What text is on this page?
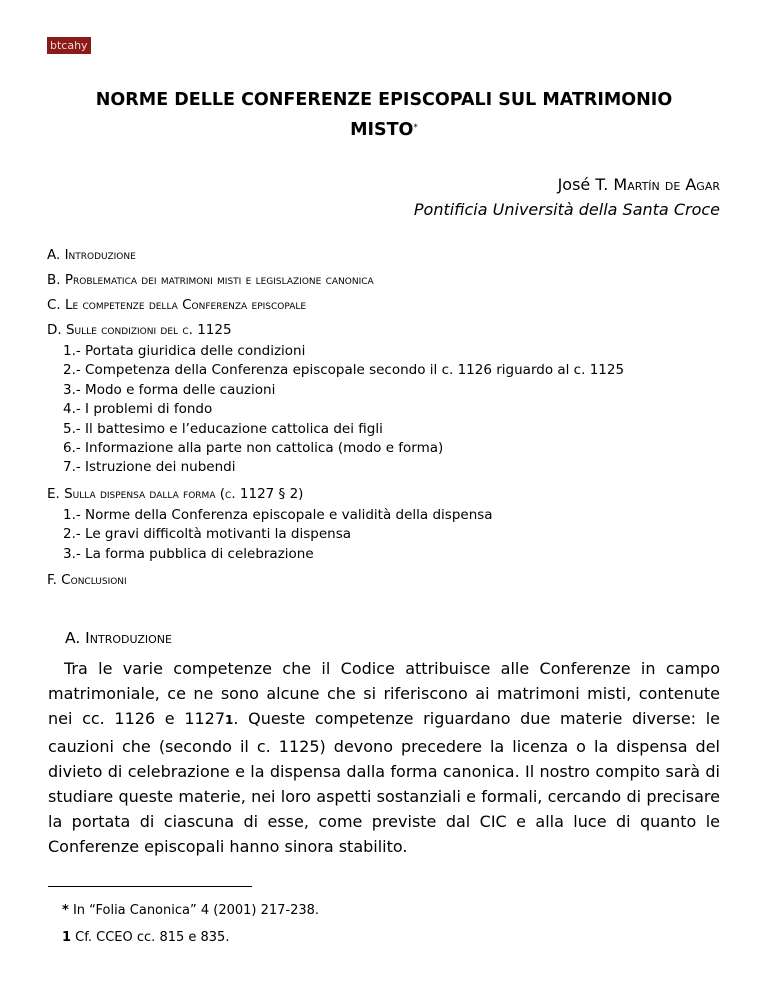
btcahy
NORME DELLE CONFERENZE EPISCOPALI SUL MATRIMONIO MISTO*
José T. Martín de Agar
Pontificia Università della Santa Croce
A. Introduzione
B. Problematica dei matrimoni misti e legislazione canonica
C. Le competenze della Conferenza episcopale
D. Sulle condizioni del c. 1125
1.- Portata giuridica delle condizioni
2.- Competenza della Conferenza episcopale secondo il c. 1126 riguardo al c. 1125
3.- Modo e forma delle cauzioni
4.- I problemi di fondo
5.- Il battesimo e l’educazione cattolica dei figli
6.- Informazione alla parte non cattolica (modo e forma)
7.- Istruzione dei nubendi
E. Sulla dispensa dalla forma (c. 1127 § 2)
1.- Norme della Conferenza episcopale e validità della dispensa
2.- Le gravi difficoltà motivanti la dispensa
3.- La forma pubblica di celebrazione
F. Conclusioni
A. Introduzione
Tra le varie competenze che il Codice attribuisce alle Conferenze in campo matrimoniale, ce ne sono alcune che si riferiscono ai matrimoni misti, contenute nei cc. 1126 e 11271. Queste competenze riguardano due materie diverse: le cauzioni che (secondo il c. 1125) devono precedere la licenza o la dispensa del divieto di celebrazione e la dispensa dalla forma canonica. Il nostro compito sarà di studiare queste materie, nei loro aspetti sostanziali e formali, cercando di precisare la portata di ciascuna di esse, come previste dal CIC e alla luce di quanto le Conferenze episcopali hanno sinora stabilito.
* In “Folia Canonica” 4 (2001) 217-238.
1 Cf. CCEO cc. 815 e 835.
